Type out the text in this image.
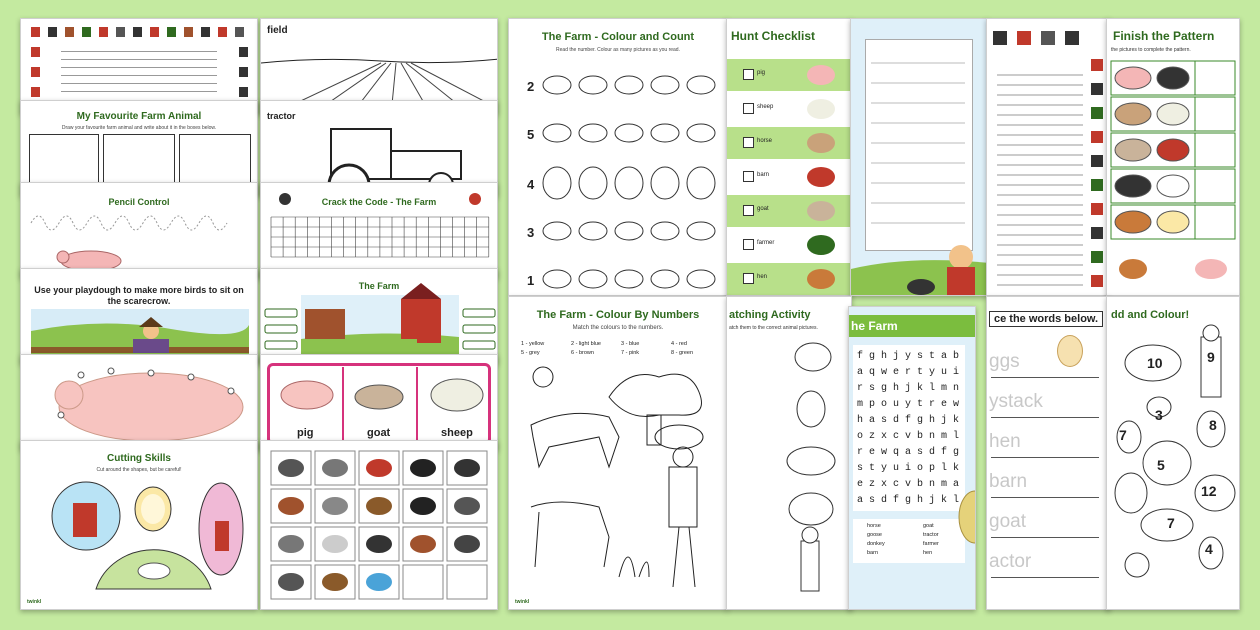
My Favourite Farm Animal
Draw your favourite farm animal and write about it in the boxes below.
Pencil Control
Use your playdough to make more birds to sit on the scarecrow.
Cutting Skills
Cut around the shapes, but be careful!
twinkl
field
tractor
Crack the Code - The Farm
The Farm
pig	goat	sheep
The Farm - Colour and Count
Read the number. Colour as many pictures as you read.
2
5
4
3
1
Hunt Checklist
pig
sheep
horse
barn
goat
farmer
hen
Finish the Pattern
the pictures to complete the pattern.
The Farm - Colour By Numbers
Match the colours to the numbers.
1 - yellow	2 - light blue	3 - blue	4 - red
5 - grey	6 - brown	7 - pink	8 - green
twinkl
atching Activity
atch them to the correct animal pictures.	he Farm
f g h j y s t a b
a q w e r t y u i
r s g h j k l m n
m p o u y t r e w
h a s d f g h j k
o z x c v b n m l
r e w q a s d f g
s t y u i o p l k
e z x c v b n m a
a s d f g h j k l
horse	goat
goose	tractor
donkey	farmer
barn	hen
ce the words below.
ggs
ystack
hen
barn
goat
actor
dd and Colour!
10	9
3
7
8
5
12
7
4
